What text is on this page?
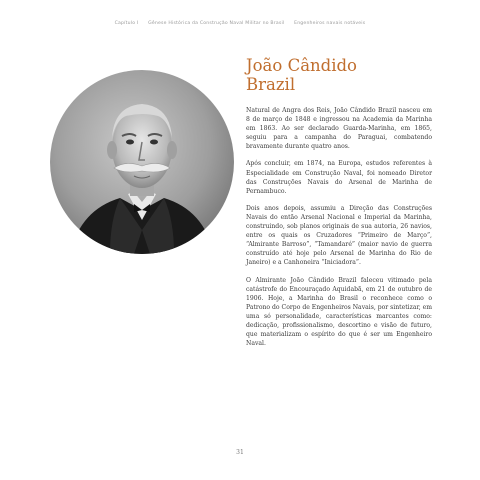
Capítulo I Gênese Histórica da Construção Naval Militar no Brasil Engenheiros navais notáveis
João Cândido
Brazil

Natural de Angra dos Reis, João Cândido Brazil nasceu em 8 de março de 1848 e ingressou na Academia da Marinha em 1863. Ao ser declarado Guarda-Marinha, em 1865, seguiu para a campanha do Paraguai, combatendo bravamente durante quatro anos.

Após concluir, em 1874, na Europa, estudos referentes à Especialidade em Construção Naval, foi nomeado Diretor das Construções Navais do Arsenal de Marinha de Pernambuco.

Dois anos depois, assumiu a Direção das Construções Navais do então Arsenal Nacional e Imperial da Marinha, construindo, sob planos originais de sua autoria, 26 navios, entre os quais os Cruzadores “Primeiro de Março”, “Almirante Barroso”, “Tamandaré” (maior navio de guerra construído até hoje pelo Arsenal de Marinha do Rio de Janeiro) e a Canhoneira “Iniciadora”.

O Almirante João Cândido Brazil faleceu vitimado pela catástrofe do Encouraçado Aquidabã, em 21 de outubro de 1906. Hoje, a Marinha do Brasil o reconhece como o Patrono do Corpo de Engenheiros Navais, por sintetizar, em uma só personalidade, características marcantes como: dedicação, profissionalismo, descortino e visão de futuro, que materializam o espírito do que é ser um Engenheiro Naval.

31
